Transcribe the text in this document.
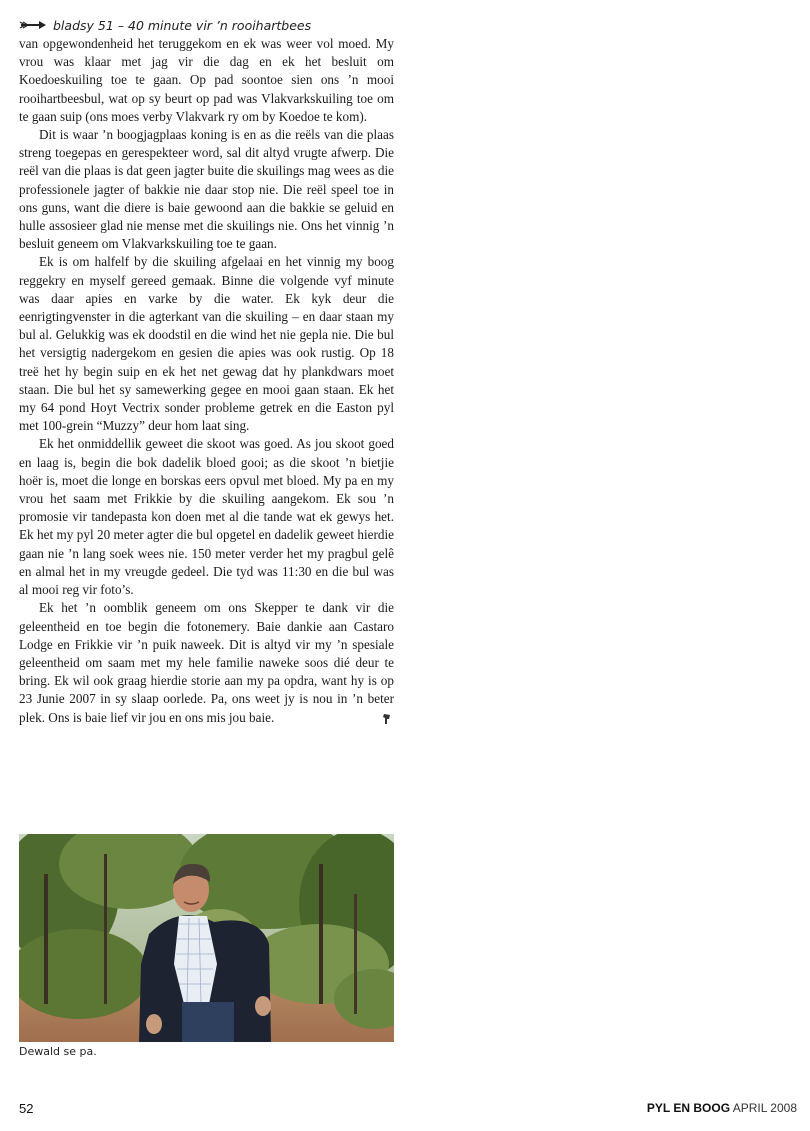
bladsy 51 – 40 minute vir ’n rooihartbees

van opgewondenheid het teruggekom en ek was weer vol moed. My vrou was klaar met jag vir die dag en ek het besluit om Koedoeskuiling toe te gaan. Op pad soontoe sien ons ’n mooi rooihartbeesbul, wat op sy beurt op pad was Vlakvarkskuiling toe om te gaan suip (ons moes verby Vlakvark ry om by Koedoe te kom).

Dit is waar ’n boogjagplaas koning is en as die reëls van die plaas streng toegepas en gerespekteer word, sal dit altyd vrugte afwerp. Die reël van die plaas is dat geen jagter buite die skuilings mag wees as die professionele jagter of bakkie nie daar stop nie. Die reël speel toe in ons guns, want die diere is baie gewoond aan die bakkie se geluid en hulle assosieer glad nie mense met die skuilings nie. Ons het vinnig ’n besluit geneem om Vlakvarkskuiling toe te gaan.

Ek is om halfelf by die skuiling afgelaai en het vinnig my boog reggekry en myself gereed gemaak. Binne die volgende vyf minute was daar apies en varke by die water. Ek kyk deur die eenrigtingvenster in die agterkant van die skuiling – en daar staan my bul al. Gelukkig was ek doodstil en die wind het nie gepla nie. Die bul het versigtig nadergekom en gesien die apies was ook rustig. Op 18 treë het hy begin suip en ek het net gewag dat hy plankdwars moet staan. Die bul het sy samewerking gegee en mooi gaan staan. Ek het my 64 pond Hoyt Vectrix sonder probleme getrek en die Easton pyl met 100-grein “Muzzy” deur hom laat sing.

Ek het onmiddellik geweet die skoot was goed. As jou skoot goed en laag is, begin die bok dadelik bloed gooi; as die skoot ’n bietjie hoër is, moet die longe en borskas eers opvul met bloed. My pa en my vrou het saam met Frikkie by die skuiling aangekom. Ek sou ’n promosie vir tandepasta kon doen met al die tande wat ek gewys het. Ek het my pyl 20 meter agter die bul opgetel en dadelik geweet hierdie gaan nie ’n lang soek wees nie. 150 meter verder het my pragbul gelê en almal het in my vreugde gedeel. Die tyd was 11:30 en die bul was al mooi reg vir foto’s.

Ek het ’n oomblik geneem om ons Skepper te dank vir die geleentheid en toe begin die fotonemery. Baie dankie aan Castaro Lodge en Frikkie vir ’n puik naweek. Dit is altyd vir my ’n spesiale geleentheid om saam met my hele familie naweke soos dié deur te bring. Ek wil ook graag hierdie storie aan my pa opdra, want hy is op 23 Junie 2007 in sy slaap oorlede. Pa, ons weet jy is nou in ’n beter plek. Ons is baie lief vir jou en ons mis jou baie.

Dewald se pa.
52	PYL EN BOOG APRIL 2008
